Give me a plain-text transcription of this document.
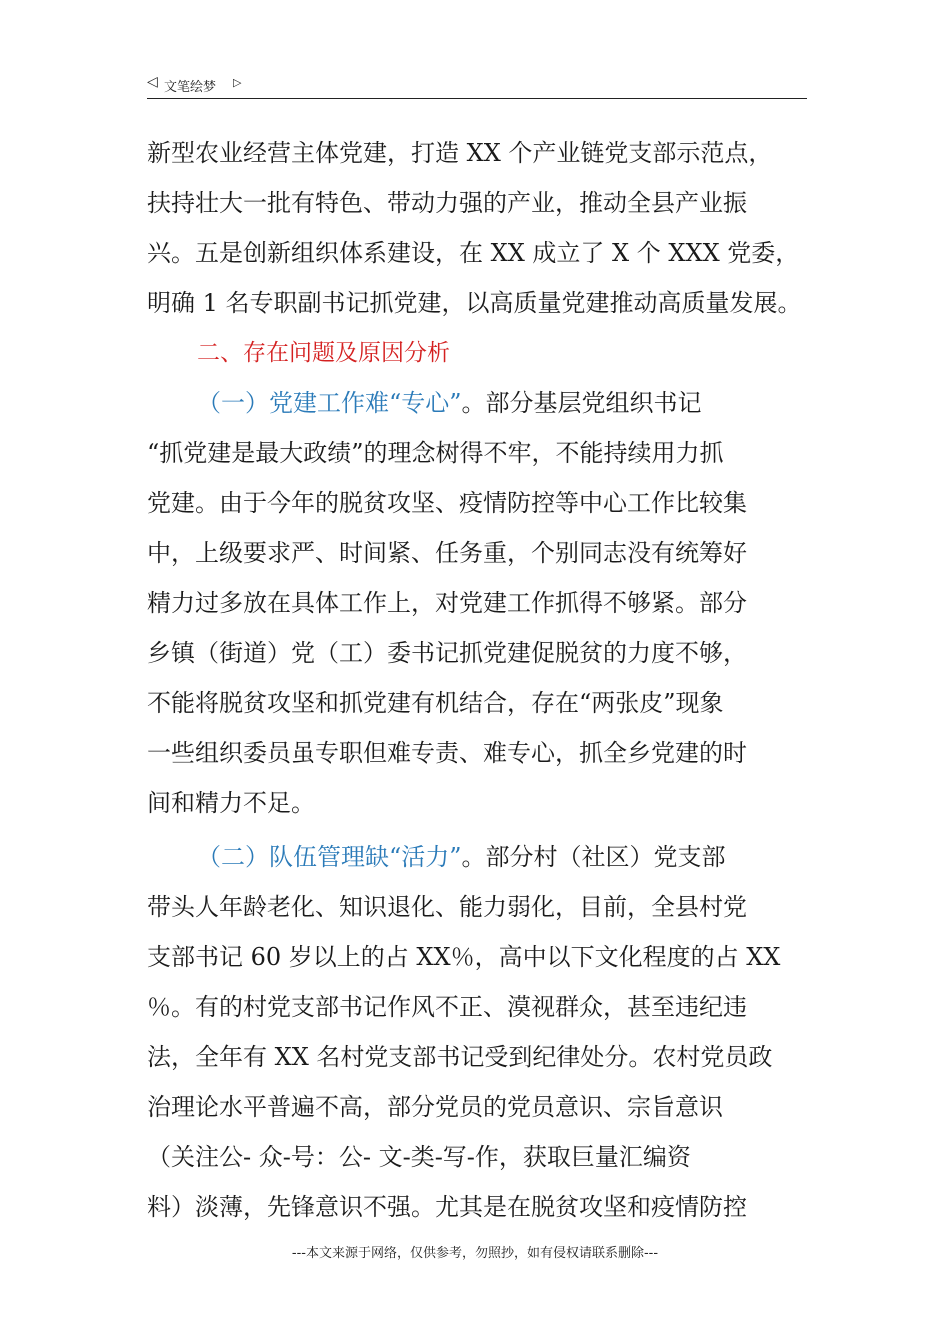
◁ 文笔绘梦 ▷
新型农业经营主体党建，打造 XX 个产业链党支部示范点，
扶持壮大一批有特色、带动力强的产业，推动全县产业振
兴。五是创新组织体系建设，在 XX 成立了 X 个 XXX 党委，
明确 1 名专职副书记抓党建，以高质量党建推动高质量发展。
二、存在问题及原因分析
（一）党建工作难“专心”。部分基层党组织书记
“抓党建是最大政绩”的理念树得不牢，不能持续用力抓
党建。由于今年的脱贫攻坚、疫情防控等中心工作比较集
中，上级要求严、时间紧、任务重，个别同志没有统筹好
精力过多放在具体工作上，对党建工作抓得不够紧。部分
乡镇（街道）党（工）委书记抓党建促脱贫的力度不够，
不能将脱贫攻坚和抓党建有机结合，存在“两张皮”现象
一些组织委员虽专职但难专责、难专心，抓全乡党建的时
间和精力不足。
（二）队伍管理缺“活力”。部分村（社区）党支部
带头人年龄老化、知识退化、能力弱化，目前，全县村党
支部书记 60 岁以上的占 XX％，高中以下文化程度的占 XX
％。有的村党支部书记作风不正、漠视群众，甚至违纪违
法，全年有 XX 名村党支部书记受到纪律处分。农村党员政
治理论水平普遍不高，部分党员的党员意识、宗旨意识
（关注公- 众-号：公- 文-类-写-作，获取巨量汇编资
料）淡薄，先锋意识不强。尤其是在脱贫攻坚和疫情防控
---本文来源于网络，仅供参考，勿照抄，如有侵权请联系删除---
